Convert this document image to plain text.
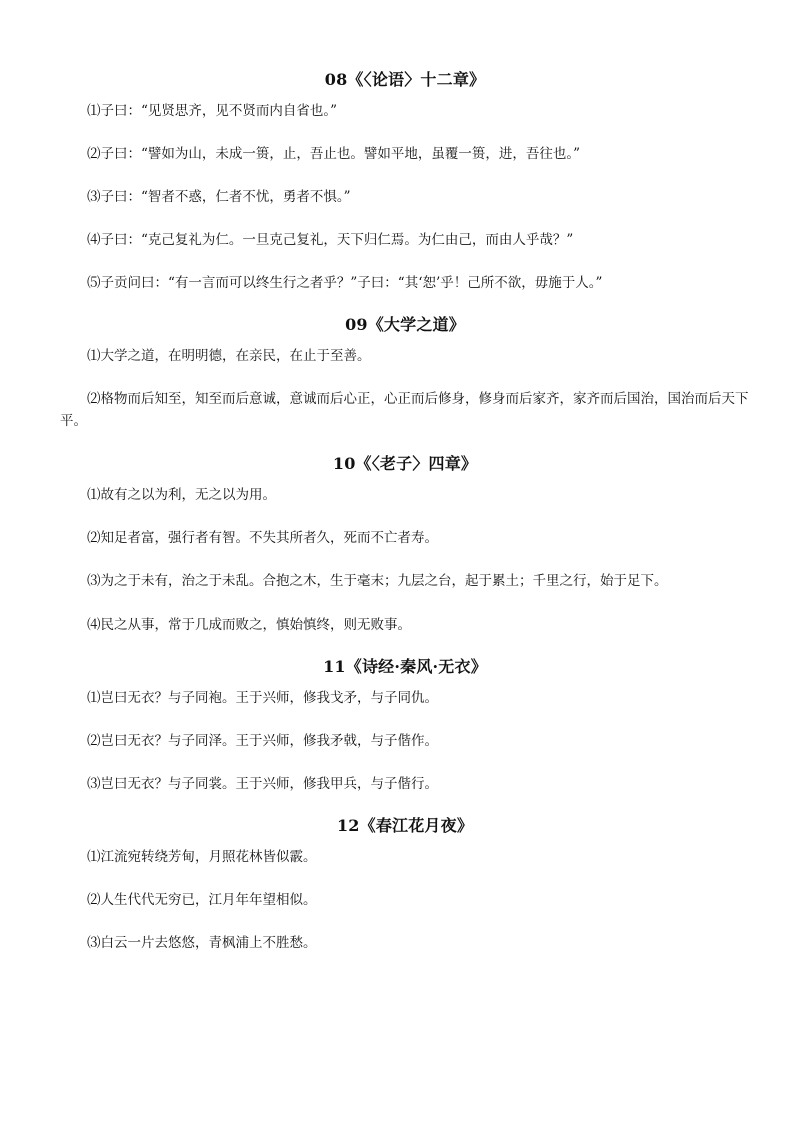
08《〈论语〉十二章》
⑴子曰：“见贤思齐，见不贤而内自省也。”
⑵子曰：“譬如为山，未成一篑，止，吾止也。譬如平地，虽覆一篑，进，吾往也。”
⑶子曰：“智者不惑，仁者不忧，勇者不惧。”
⑷子曰：“克己复礼为仁。一旦克己复礼，天下归仁焉。为仁由己，而由人乎哉？”
⑸子贡问曰：“有一言而可以终生行之者乎？”子曰：“其‘恕’乎！己所不欲，毋施于人。”
09《大学之道》
⑴大学之道，在明明德，在亲民，在止于至善。
⑵格物而后知至，知至而后意诚，意诚而后心正，心正而后修身，修身而后家齐，家齐而后国治，国治而后天下平。
10《〈老子〉四章》
⑴故有之以为利，无之以为用。
⑵知足者富，强行者有智。不失其所者久，死而不亡者寿。
⑶为之于未有，治之于未乱。合抱之木，生于毫末；九层之台，起于累土；千里之行，始于足下。
⑷民之从事，常于几成而败之，慎始慎终，则无败事。
11《诗经·秦风·无衣》
⑴岂曰无衣？与子同袍。王于兴师，修我戈矛，与子同仇。
⑵岂曰无衣？与子同泽。王于兴师，修我矛戟，与子偕作。
⑶岂曰无衣？与子同裳。王于兴师，修我甲兵，与子偕行。
12《春江花月夜》
⑴江流宛转绕芳甸，月照花林皆似霰。
⑵人生代代无穷已，江月年年望相似。
⑶白云一片去悠悠，青枫浦上不胜愁。
